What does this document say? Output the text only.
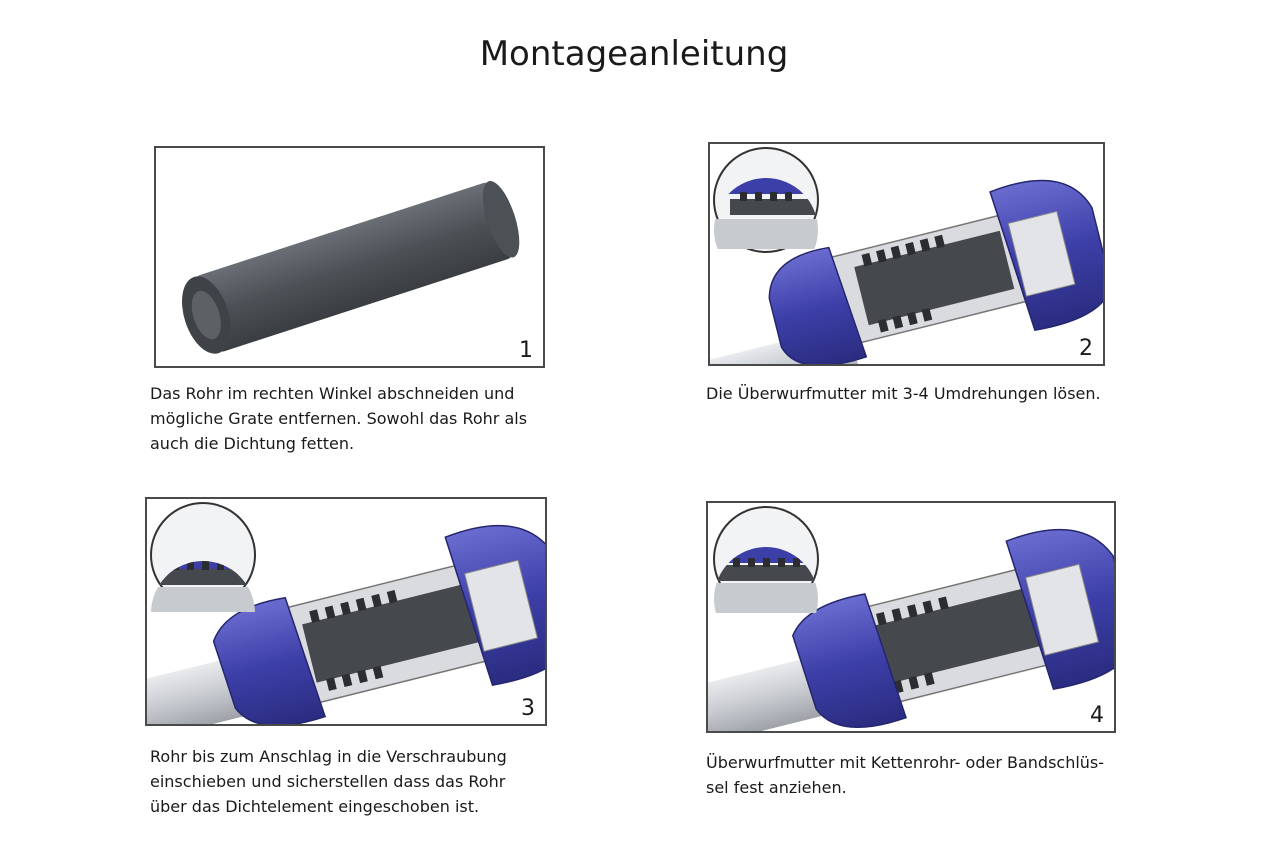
Montageanleitung
1
Das Rohr im rechten Winkel abschneiden und
mögliche Grate entfernen. Sowohl das Rohr als
auch die Dichtung fetten.
2
Die Überwurfmutter mit 3-4 Umdrehungen lösen.
3
Rohr bis zum Anschlag in die Verschraubung
einschieben und sicherstellen dass das Rohr
über das Dichtelement eingeschoben ist.
4
Überwurfmutter mit Kettenrohr- oder Bandschlüs-
sel fest anziehen.
